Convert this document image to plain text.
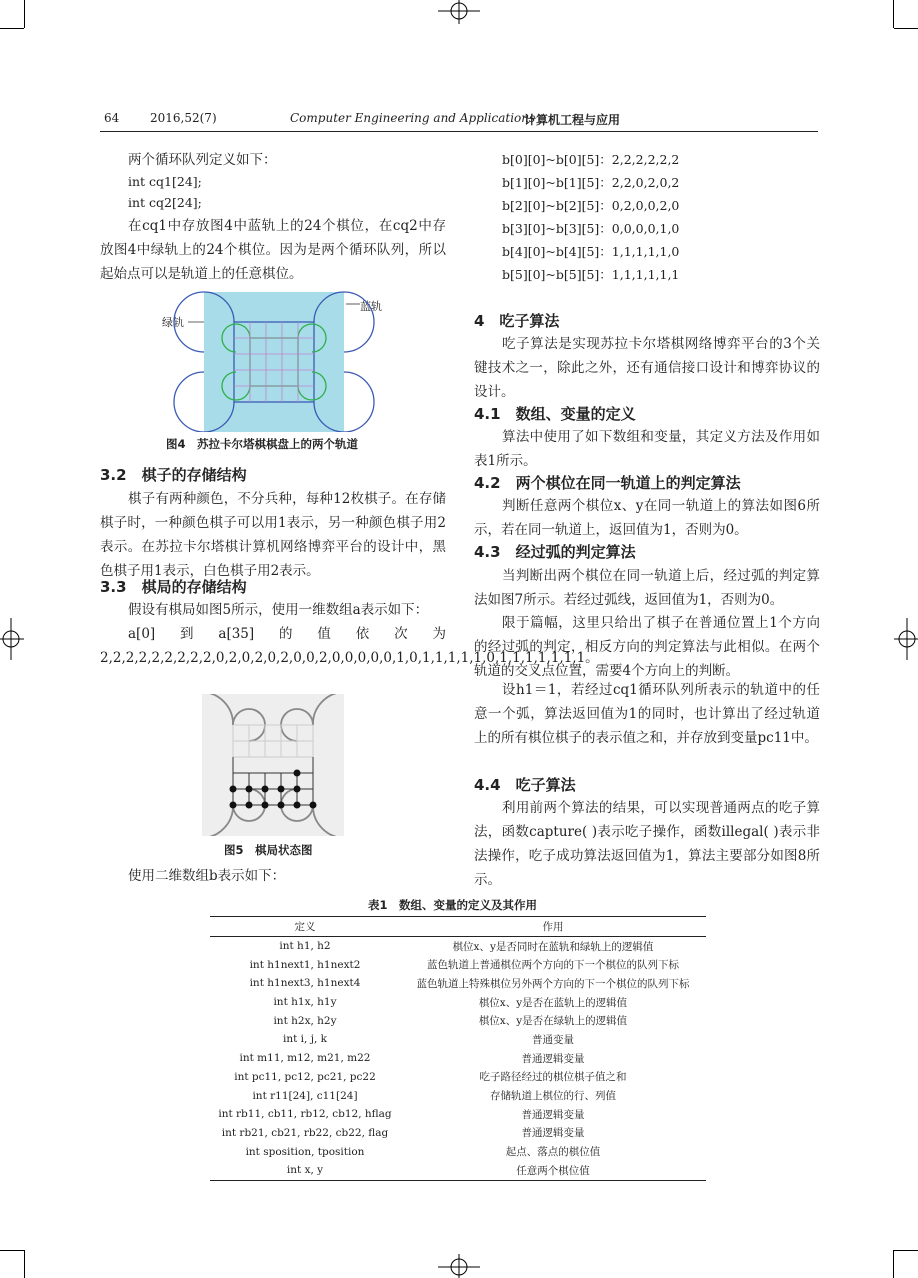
64	2016,52(7)	Computer Engineering and Applications
计算机工程与应用

两个循环队列定义如下：

int cq1[24];
int cq2[24];

在cq1中存放图4中蓝轨上的24个棋位，在cq2中存放图4中绿轨上的24个棋位。因为是两个循环队列，所以起始点可以是轨道上的任意棋位。

绿轨
蓝轨
图4　苏拉卡尔塔棋棋盘上的两个轨道
3.2　棋子的存储结构

棋子有两种颜色，不分兵种，每种12枚棋子。在存储棋子时，一种颜色棋子可以用1表示，另一种颜色棋子用2表示。在苏拉卡尔塔棋计算机网络博弈平台的设计中，黑色棋子用1表示，白色棋子用2表示。

3.3　棋局的存储结构

假设有棋局如图5所示，使用一维数组a表示如下：

a[0]到a[35]的值依次为2,2,2,2,2,2,2,2,2,0,2,0,2,0,2,0,0,2,0,0,0,0,0,1,0,1,1,1,1,1,0,1,1,1,1,1,1,1。

图5　棋局状态图

使用二维数组b表示如下：

b[0][0]~b[0][5]：2,2,2,2,2,2
b[1][0]~b[1][5]：2,2,0,2,0,2
b[2][0]~b[2][5]：0,2,0,0,2,0
b[3][0]~b[3][5]：0,0,0,0,1,0
b[4][0]~b[4][5]：1,1,1,1,1,0
b[5][0]~b[5][5]：1,1,1,1,1,1
4　吃子算法

吃子算法是实现苏拉卡尔塔棋网络博弈平台的3个关键技术之一，除此之外，还有通信接口设计和博弈协议的设计。

4.1　数组、变量的定义

算法中使用了如下数组和变量，其定义方法及作用如表1所示。

4.2　两个棋位在同一轨道上的判定算法

判断任意两个棋位x、y在同一轨道上的算法如图6所示，若在同一轨道上，返回值为1，否则为0。

4.3　经过弧的判定算法

当判断出两个棋位在同一轨道上后，经过弧的判定算法如图7所示。若经过弧线，返回值为1，否则为0。

限于篇幅，这里只给出了棋子在普通位置上1个方向的经过弧的判定，相反方向的判定算法与此相似。在两个轨道的交叉点位置，需要4个方向上的判断。

设h1＝1，若经过cq1循环队列所表示的轨道中的任意一个弧，算法返回值为1的同时，也计算出了经过轨道上的所有棋位棋子的表示值之和，并存放到变量pc11中。

4.4　吃子算法

利用前两个算法的结果，可以实现普通两点的吃子算法，函数capture( )表示吃子操作，函数illegal( )表示非法操作，吃子成功算法返回值为1，算法主要部分如图8所示。

表1　数组、变量的定义及其作用
定义	作用
int h1, h2	棋位x、y是否同时在蓝轨和绿轨上的逻辑值
int h1next1, h1next2	蓝色轨道上普通棋位两个方向的下一个棋位的队列下标
int h1next3, h1next4	蓝色轨道上特殊棋位另外两个方向的下一个棋位的队列下标
int h1x, h1y	棋位x、y是否在蓝轨上的逻辑值
int h2x, h2y	棋位x、y是否在绿轨上的逻辑值
int i, j, k	普通变量
int m11, m12, m21, m22	普通逻辑变量
int pc11, pc12, pc21, pc22	吃子路径经过的棋位棋子值之和
int r11[24], c11[24]	存储轨道上棋位的行、列值
int rb11, cb11, rb12, cb12, hflag	普通逻辑变量
int rb21, cb21, rb22, cb22, flag	普通逻辑变量
int sposition, tposition	起点、落点的棋位值
int x, y	任意两个棋位值
